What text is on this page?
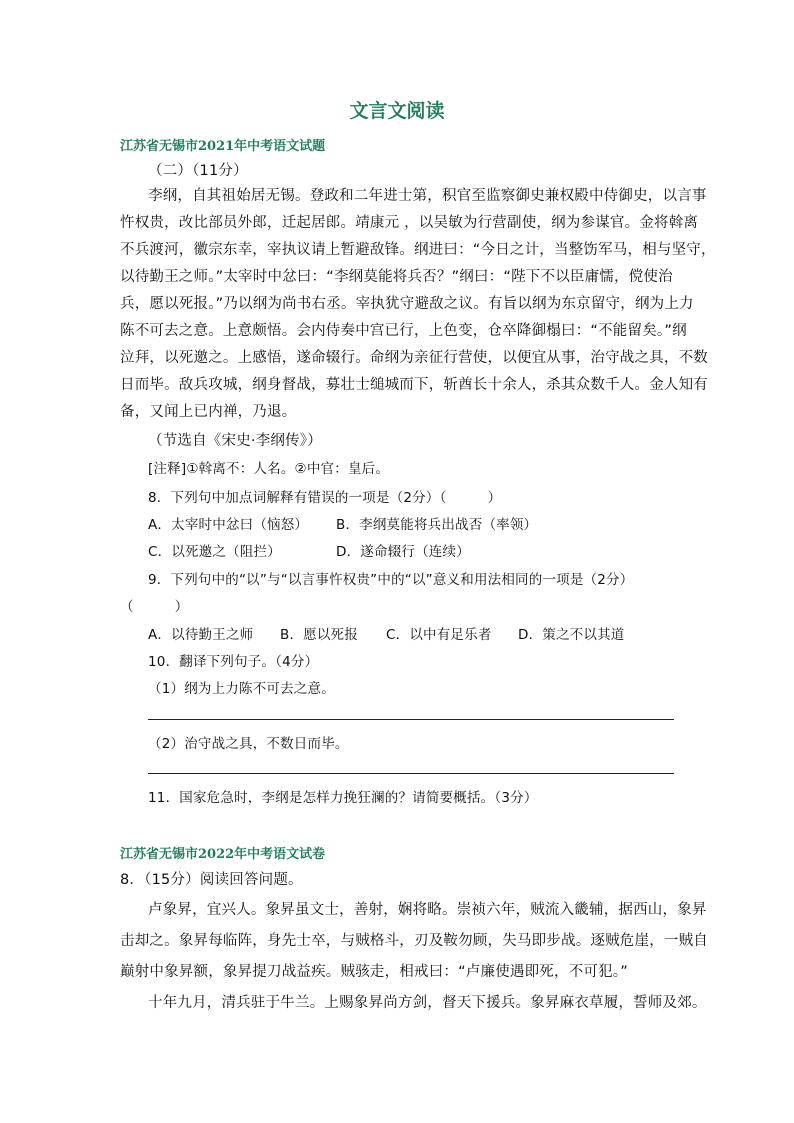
文言文阅读
江苏省无锡市2021年中考语文试题
（二）（11分）
李纲，自其祖始居无锡。登政和二年进士第，积官至监察御史兼权殿中侍御史，以言事
忤权贵，改比部员外郎，迁起居郎。靖康元 ，以吴敏为行营副使，纲为参谋官。金将斡离
不兵渡河，徽宗东幸，宰执议请上暂避敌锋。纲进曰：“今日之计，当整饬军马，相与坚守，
以待勤王之师。”太宰时中忿曰：“李纲莫能将兵否？”纲曰：“陛下不以臣庸懦，傥使治
兵，愿以死报。”乃以纲为尚书右丞。宰执犹守避敌之议。有旨以纲为东京留守，纲为上力
陈不可去之意。上意颇悟。会内侍奏中宫已行，上色变，仓卒降御榻曰：“不能留矣。”纲
泣拜，以死邀之。上感悟，遂命辍行。命纲为亲征行营使，以便宜从事，治守战之具，不数
日而毕。敌兵攻城，纲身督战，募壮士缒城而下，斩酋长十余人，杀其众数千人。金人知有
备，又闻上已内禅，乃退。
（节选自《宋史·李纲传》）
[注释]①斡离不：人名。②中官：皇后。
8．下列句中加点词解释有错误的一项是（2分）（　　　）
A．太宰时中忿曰（恼怒） B．李纲莫能将兵出战否（率领）
C．以死邀之（阻拦）	D．遂命辍行（连续）
9．下列句中的“以”与“以言事忤权贵”中的“以”意义和用法相同的一项是（2分）
（　　　）
A．以待勤王之师 B．愿以死报 C．以中有足乐者 D．策之不以其道
10．翻译下列句子。（4分）
（1）纲为上力陈不可去之意。
（2）治守战之具，不数日而毕。
11．国家危急时，李纲是怎样力挽狂澜的？请简要概括。（3分）
江苏省无锡市2022年中考语文试卷
8．（15分）阅读回答问题。
卢象昇，宜兴人。象昇虽文士，善射，娴将略。崇祯六年，贼流入畿辅，据西山，象昇
击却之。象昇每临阵，身先士卒，与贼格斗，刃及鞍勿顾，失马即步战。逐贼危崖，一贼自
巅射中象昇额，象昇提刀战益疾。贼骇走，相戒曰：“卢廉使遇即死，不可犯。”
十年九月，清兵驻于牛兰。上赐象昇尚方剑，督天下援兵。象昇麻衣草履，誓师及郊。
